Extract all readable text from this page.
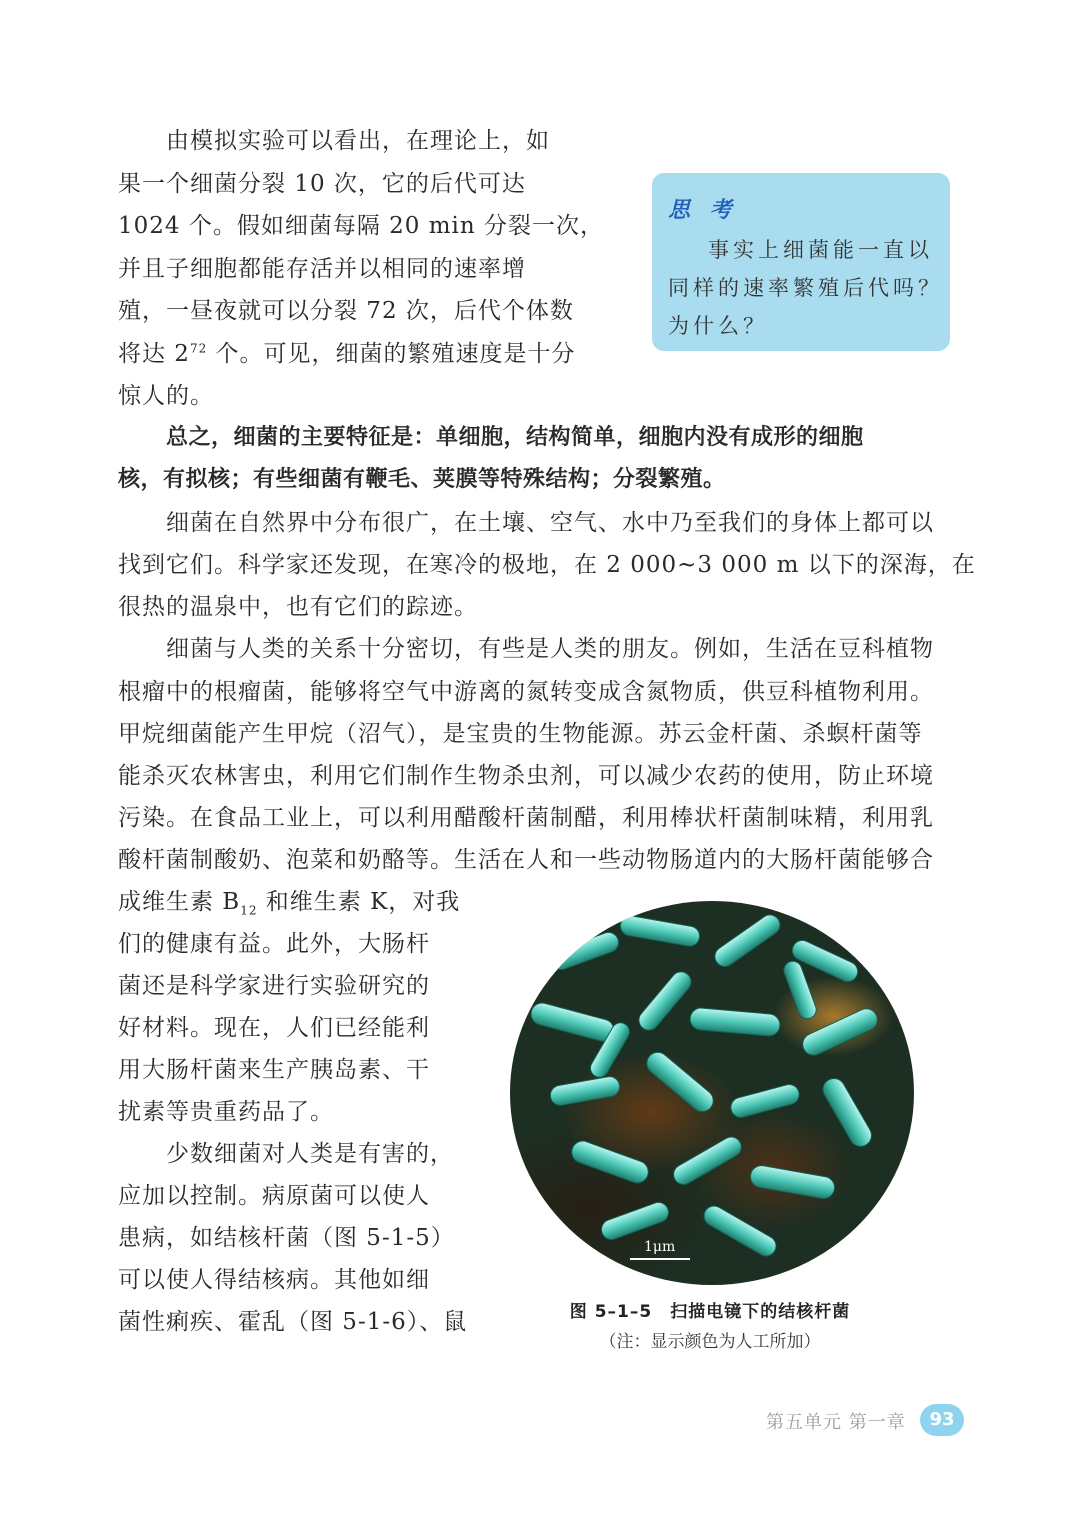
由模拟实验可以看出，在理论上，如
果一个细菌分裂 10 次，它的后代可达
1024 个。假如细菌每隔 20 min 分裂一次，
并且子细胞都能存活并以相同的速率增
殖，一昼夜就可以分裂 72 次，后代个体数
将达 $2^{72}$ 个。可见，细菌的繁殖速度是十分
惊人的。
思 考
事实上细菌能一直以
同样的速率繁殖后代吗？
为什么？
总之，细菌的主要特征是：单细胞，结构简单，细胞内没有成形的细胞
核，有拟核；有些细菌有鞭毛、荚膜等特殊结构；分裂繁殖。
细菌在自然界中分布很广，在土壤、空气、水中乃至我们的身体上都可以
找到它们。科学家还发现，在寒冷的极地，在 2 000~3 000 m 以下的深海，在
很热的温泉中，也有它们的踪迹。
细菌与人类的关系十分密切，有些是人类的朋友。例如，生活在豆科植物
根瘤中的根瘤菌，能够将空气中游离的氮转变成含氮物质，供豆科植物利用。
甲烷细菌能产生甲烷（沼气），是宝贵的生物能源。苏云金杆菌、杀螟杆菌等
能杀灭农林害虫，利用它们制作生物杀虫剂，可以减少农药的使用，防止环境
污染。在食品工业上，可以利用醋酸杆菌制醋，利用棒状杆菌制味精，利用乳
酸杆菌制酸奶、泡菜和奶酪等。生活在人和一些动物肠道内的大肠杆菌能够合
成维生素 $B_{12}$ 和维生素 K，对我
们的健康有益。此外，大肠杆
菌还是科学家进行实验研究的
好材料。现在，人们已经能利
用大肠杆菌来生产胰岛素、干
扰素等贵重药品了。
少数细菌对人类是有害的，
应加以控制。病原菌可以使人
患病，如结核杆菌（图 5-1-5）
可以使人得结核病。其他如细
菌性痢疾、霍乱（图 5-1-6）、鼠
1μm
图 5–1–5　扫描电镜下的结核杆菌
（注：显示颜色为人工所加）
第五单元 第一章	93
